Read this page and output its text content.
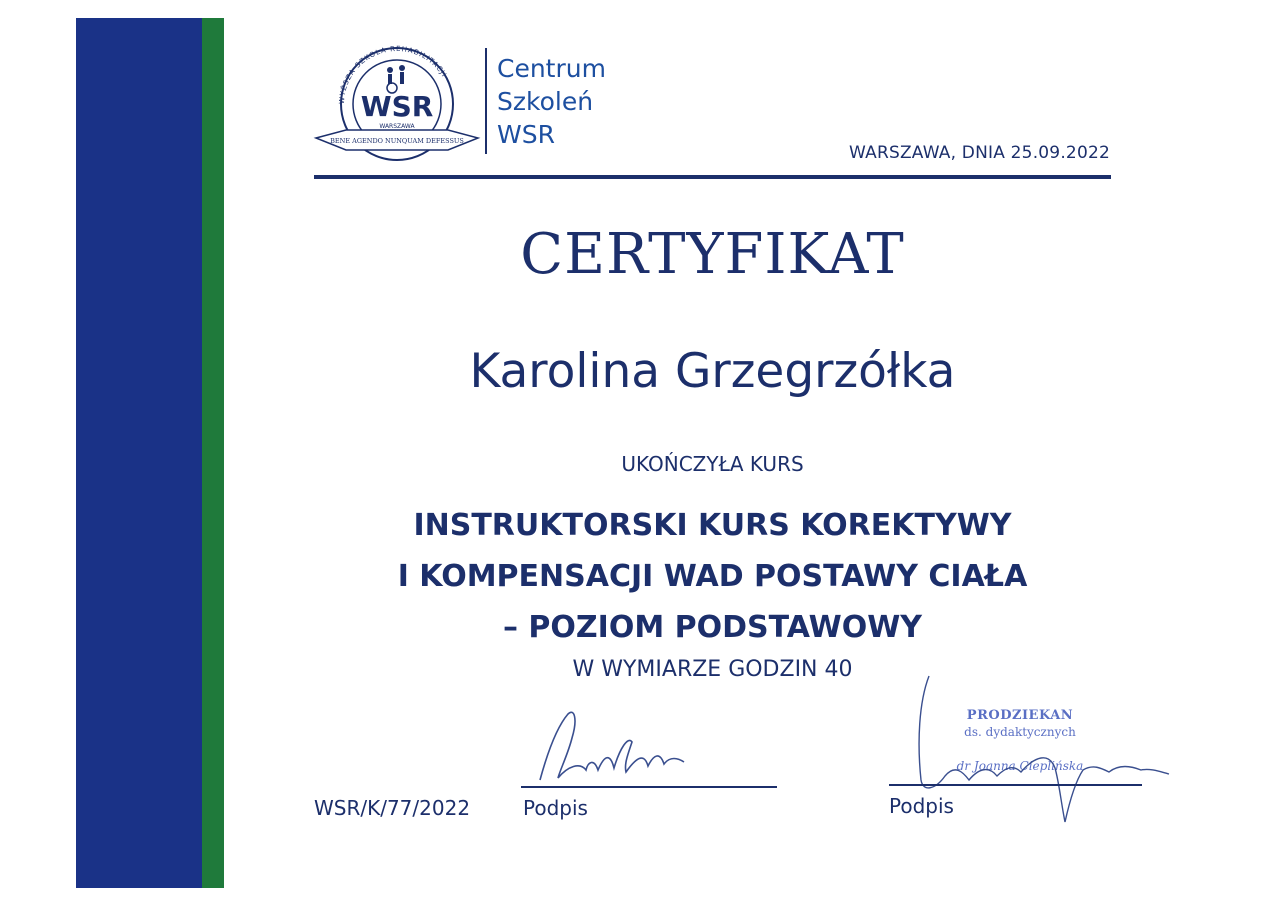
WYŻSZA SZKOŁA REHABILITACJI
WSR
WARSZAWA
BENE AGENDO NUNQUAM DEFESSUS
Centrum
Szkoleń
WSR
WARSZAWA, DNIA 25.09.2022
CERTYFIKAT
Karolina Grzegrzółka
UKOŃCZYŁA KURS
INSTRUKTORSKI KURS KOREKTYWY
I KOMPENSACJI WAD POSTAWY CIAŁA
– POZIOM PODSTAWOWY
W WYMIARZE GODZIN 40
WSR/K/77/2022	Podpis
PRODZIEKAN
ds. dydaktycznych
dr Joanna Cieplińska
Podpis
